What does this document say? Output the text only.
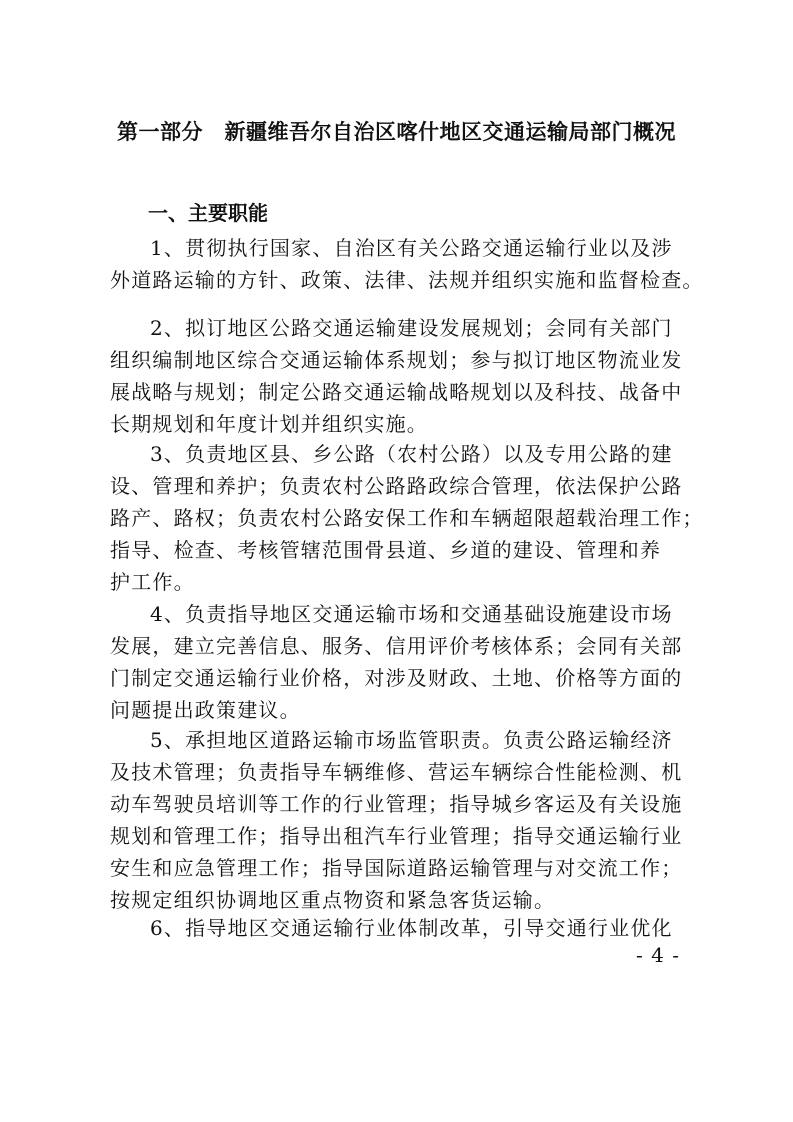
第一部分　新疆维吾尔自治区喀什地区交通运输局部门概况
一、主要职能
1、贯彻执行国家、自治区有关公路交通运输行业以及涉
外道路运输的方针、政策、法律、法规并组织实施和监督检查。
2、拟订地区公路交通运输建设发展规划；会同有关部门
组织编制地区综合交通运输体系规划；参与拟订地区物流业发
展战略与规划；制定公路交通运输战略规划以及科技、战备中
长期规划和年度计划并组织实施。
3、负责地区县、乡公路（农村公路）以及专用公路的建
设、管理和养护；负责农村公路路政综合管理，依法保护公路
路产、路权；负责农村公路安保工作和车辆超限超载治理工作；
指导、检查、考核管辖范围骨县道、乡道的建设、管理和养
护工作。
4、负责指导地区交通运输市场和交通基础设施建设市场
发展，建立完善信息、服务、信用评价考核体系；会同有关部
门制定交通运输行业价格，对涉及财政、土地、价格等方面的
问题提出政策建议。
5、承担地区道路运输市场监管职责。负责公路运输经济
及技术管理；负责指导车辆维修、营运车辆综合性能检测、机
动车驾驶员培训等工作的行业管理；指导城乡客运及有关设施
规划和管理工作；指导出租汽车行业管理；指导交通运输行业
安生和应急管理工作；指导国际道路运输管理与对交流工作；
按规定组织协调地区重点物资和紧急客货运输。
6、指导地区交通运输行业体制改革，引导交通行业优化
- 4 -
